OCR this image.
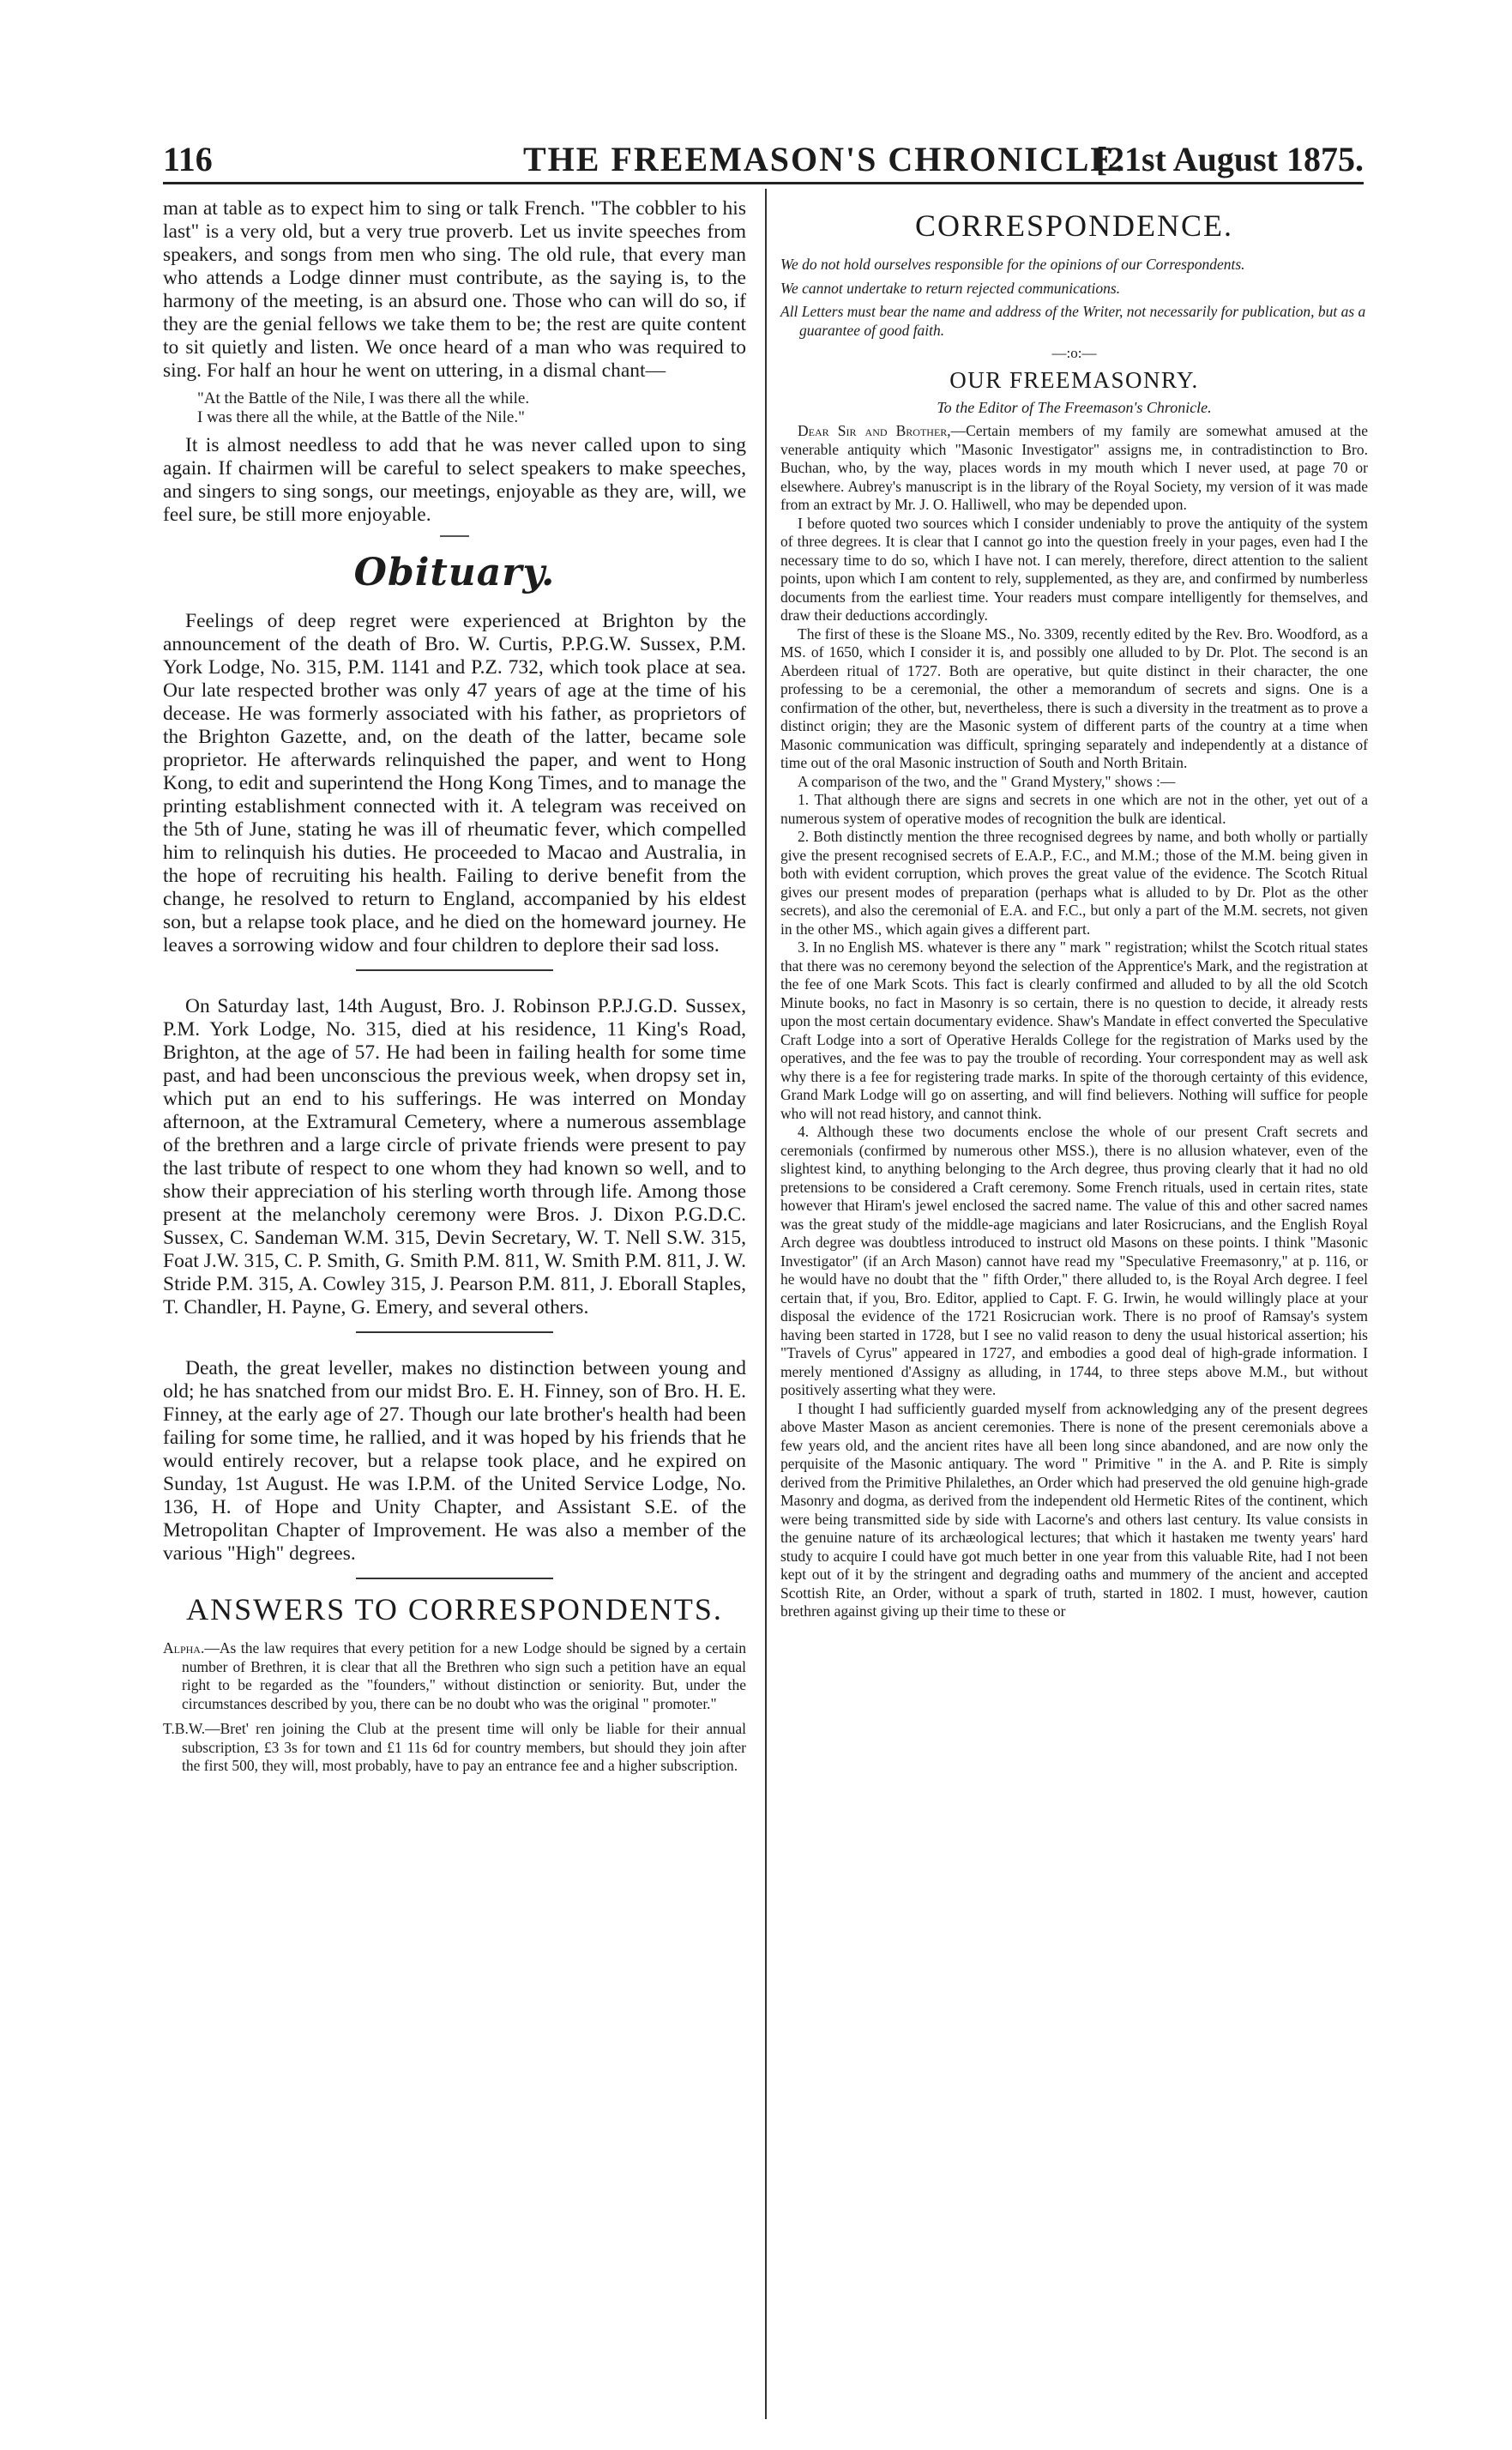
116	THE FREEMASON'S CHRONICLE.
[21st August 1875.

man at table as to expect him to sing or talk French. "The cobbler to his last" is a very old, but a very true proverb. Let us invite speeches from speakers, and songs from men who sing. The old rule, that every man who attends a Lodge dinner must contribute, as the saying is, to the harmony of the meeting, is an absurd one. Those who can will do so, if they are the genial fellows we take them to be; the rest are quite content to sit quietly and listen. We once heard of a man who was required to sing. For half an hour he went on uttering, in a dismal chant—

"At the Battle of the Nile, I was there all the while.
I was there all the while, at the Battle of the Nile."

It is almost needless to add that he was never called upon to sing again. If chairmen will be careful to select speakers to make speeches, and singers to sing songs, our meetings, enjoyable as they are, will, we feel sure, be still more enjoyable.

Obituary.

Feelings of deep regret were experienced at Brighton by the announcement of the death of Bro. W. Curtis, P.P.G.W. Sussex, P.M. York Lodge, No. 315, P.M. 1141 and P.Z. 732, which took place at sea. Our late respected brother was only 47 years of age at the time of his decease. He was formerly associated with his father, as proprietors of the Brighton Gazette, and, on the death of the latter, became sole proprietor. He afterwards relinquished the paper, and went to Hong Kong, to edit and superintend the Hong Kong Times, and to manage the printing establishment connected with it. A telegram was received on the 5th of June, stating he was ill of rheumatic fever, which compelled him to relinquish his duties. He proceeded to Macao and Australia, in the hope of recruiting his health. Failing to derive benefit from the change, he resolved to return to England, accompanied by his eldest son, but a relapse took place, and he died on the homeward journey. He leaves a sorrowing widow and four children to deplore their sad loss.

On Saturday last, 14th August, Bro. J. Robinson P.P.J.G.D. Sussex, P.M. York Lodge, No. 315, died at his residence, 11 King's Road, Brighton, at the age of 57. He had been in failing health for some time past, and had been unconscious the previous week, when dropsy set in, which put an end to his sufferings. He was interred on Monday afternoon, at the Extramural Cemetery, where a numerous assemblage of the brethren and a large circle of private friends were present to pay the last tribute of respect to one whom they had known so well, and to show their appreciation of his sterling worth through life. Among those present at the melancholy ceremony were Bros. J. Dixon P.G.D.C. Sussex, C. Sandeman W.M. 315, Devin Secretary, W. T. Nell S.W. 315, Foat J.W. 315, C. P. Smith, G. Smith P.M. 811, W. Smith P.M. 811, J. W. Stride P.M. 315, A. Cowley 315, J. Pearson P.M. 811, J. Eborall Staples, T. Chandler, H. Payne, G. Emery, and several others.

Death, the great leveller, makes no distinction between young and old; he has snatched from our midst Bro. E. H. Finney, son of Bro. H. E. Finney, at the early age of 27. Though our late brother's health had been failing for some time, he rallied, and it was hoped by his friends that he would entirely recover, but a relapse took place, and he expired on Sunday, 1st August. He was I.P.M. of the United Service Lodge, No. 136, H. of Hope and Unity Chapter, and Assistant S.E. of the Metropolitan Chapter of Improvement. He was also a member of the various "High" degrees.

ANSWERS TO CORRESPONDENTS.

Alpha.—As the law requires that every petition for a new Lodge should be signed by a certain number of Brethren, it is clear that all the Brethren who sign such a petition have an equal right to be regarded as the "founders," without distinction or seniority. But, under the circumstances described by you, there can be no doubt who was the original " promoter."

T.B.W.—Bret' ren joining the Club at the present time will only be liable for their annual subscription, £3 3s for town and £1 11s 6d for country members, but should they join after the first 500, they will, most probably, have to pay an entrance fee and a higher subscription.

CORRESPONDENCE.

We do not hold ourselves responsible for the opinions of our Correspondents.

We cannot undertake to return rejected communications.

All Letters must bear the name and address of the Writer, not necessarily for publication, but as a guarantee of good faith.

—:o:—
OUR FREEMASONRY.
To the Editor of The Freemason's Chronicle.

Dear Sir and Brother,—Certain members of my family are somewhat amused at the venerable antiquity which "Masonic Investigator" assigns me, in contradistinction to Bro. Buchan, who, by the way, places words in my mouth which I never used, at page 70 or elsewhere. Aubrey's manuscript is in the library of the Royal Society, my version of it was made from an extract by Mr. J. O. Halliwell, who may be depended upon.

I before quoted two sources which I consider undeniably to prove the antiquity of the system of three degrees. It is clear that I cannot go into the question freely in your pages, even had I the necessary time to do so, which I have not. I can merely, therefore, direct attention to the salient points, upon which I am content to rely, supplemented, as they are, and confirmed by numberless documents from the earliest time. Your readers must compare intelligently for themselves, and draw their deductions accordingly.

The first of these is the Sloane MS., No. 3309, recently edited by the Rev. Bro. Woodford, as a MS. of 1650, which I consider it is, and possibly one alluded to by Dr. Plot. The second is an Aberdeen ritual of 1727. Both are operative, but quite distinct in their character, the one professing to be a ceremonial, the other a memorandum of secrets and signs. One is a confirmation of the other, but, nevertheless, there is such a diversity in the treatment as to prove a distinct origin; they are the Masonic system of different parts of the country at a time when Masonic communication was difficult, springing separately and independently at a distance of time out of the oral Masonic instruction of South and North Britain.

A comparison of the two, and the " Grand Mystery," shows :—

1. That although there are signs and secrets in one which are not in the other, yet out of a numerous system of operative modes of recognition the bulk are identical.

2. Both distinctly mention the three recognised degrees by name, and both wholly or partially give the present recognised secrets of E.A.P., F.C., and M.M.; those of the M.M. being given in both with evident corruption, which proves the great value of the evidence. The Scotch Ritual gives our present modes of preparation (perhaps what is alluded to by Dr. Plot as the other secrets), and also the ceremonial of E.A. and F.C., but only a part of the M.M. secrets, not given in the other MS., which again gives a different part.

3. In no English MS. whatever is there any " mark " registration; whilst the Scotch ritual states that there was no ceremony beyond the selection of the Apprentice's Mark, and the registration at the fee of one Mark Scots. This fact is clearly confirmed and alluded to by all the old Scotch Minute books, no fact in Masonry is so certain, there is no question to decide, it already rests upon the most certain documentary evidence. Shaw's Mandate in effect converted the Speculative Craft Lodge into a sort of Operative Heralds College for the registration of Marks used by the operatives, and the fee was to pay the trouble of recording. Your correspondent may as well ask why there is a fee for registering trade marks. In spite of the thorough certainty of this evidence, Grand Mark Lodge will go on asserting, and will find believers. Nothing will suffice for people who will not read history, and cannot think.

4. Although these two documents enclose the whole of our present Craft secrets and ceremonials (confirmed by numerous other MSS.), there is no allusion whatever, even of the slightest kind, to anything belonging to the Arch degree, thus proving clearly that it had no old pretensions to be considered a Craft ceremony. Some French rituals, used in certain rites, state however that Hiram's jewel enclosed the sacred name. The value of this and other sacred names was the great study of the middle-age magicians and later Rosicrucians, and the English Royal Arch degree was doubtless introduced to instruct old Masons on these points. I think "Masonic Investigator" (if an Arch Mason) cannot have read my "Speculative Freemasonry," at p. 116, or he would have no doubt that the " fifth Order," there alluded to, is the Royal Arch degree. I feel certain that, if you, Bro. Editor, applied to Capt. F. G. Irwin, he would willingly place at your disposal the evidence of the 1721 Rosicrucian work. There is no proof of Ramsay's system having been started in 1728, but I see no valid reason to deny the usual historical assertion; his "Travels of Cyrus" appeared in 1727, and embodies a good deal of high-grade information. I merely mentioned d'Assigny as alluding, in 1744, to three steps above M.M., but without positively asserting what they were.

I thought I had sufficiently guarded myself from acknowledging any of the present degrees above Master Mason as ancient ceremonies. There is none of the present ceremonials above a few years old, and the ancient rites have all been long since abandoned, and are now only the perquisite of the Masonic antiquary. The word " Primitive " in the A. and P. Rite is simply derived from the Primitive Philalethes, an Order which had preserved the old genuine high-grade Masonry and dogma, as derived from the independent old Hermetic Rites of the continent, which were being transmitted side by side with Lacorne's and others last century. Its value consists in the genuine nature of its archæological lectures; that which it hastaken me twenty years' hard study to acquire I could have got much better in one year from this valuable Rite, had I not been kept out of it by the stringent and degrading oaths and mummery of the ancient and accepted Scottish Rite, an Order, without a spark of truth, started in 1802. I must, however, caution brethren against giving up their time to these or
